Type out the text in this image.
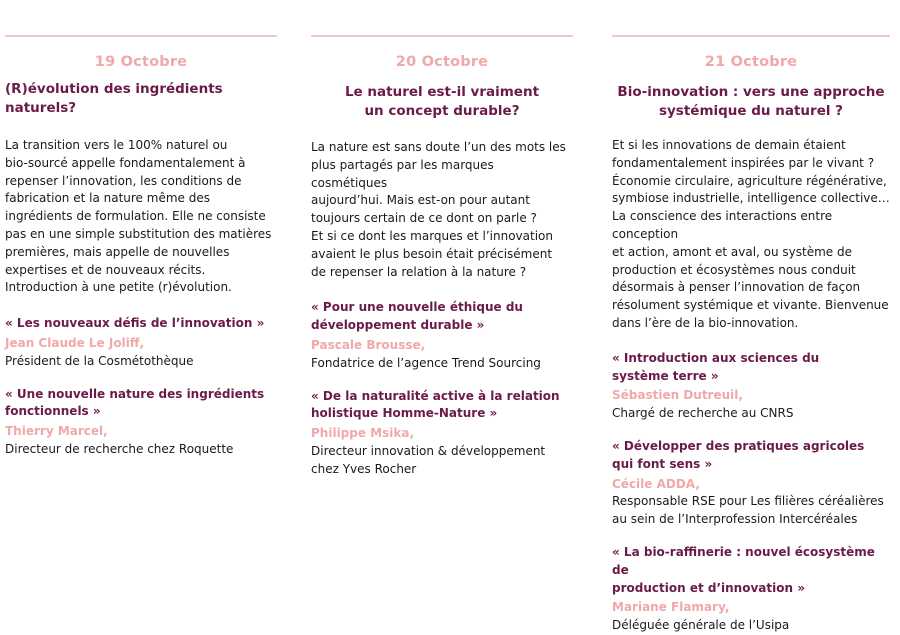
19 Octobre
(R)évolution des ingrédients naturels?
La transition vers le 100% naturel ou
bio-sourcé appelle fondamentalement à
repenser l’innovation, les conditions de
fabrication et la nature même des
ingrédients de formulation. Elle ne consiste
pas en une simple substitution des matières
premières, mais appelle de nouvelles
expertises et de nouveaux récits.
Introduction à une petite (r)évolution.
« Les nouveaux défis de l’innovation »
Jean Claude Le Joliff,
Président de la Cosmétothèque
« Une nouvelle nature des ingrédients
fonctionnels »
Thierry Marcel,
Directeur de recherche chez Roquette
20 Octobre
Le naturel est-il vraiment
un concept durable?
La nature est sans doute l’un des mots les
plus partagés par les marques cosmétiques
aujourd’hui. Mais est-on pour autant
toujours certain de ce dont on parle ?
Et si ce dont les marques et l’innovation
avaient le plus besoin était précisément
de repenser la relation à la nature ?
« Pour une nouvelle éthique du
développement durable »
Pascale Brousse,
Fondatrice de l’agence Trend Sourcing
« De la naturalité active à la relation
holistique Homme-Nature »
Philippe Msika,
Directeur innovation & développement
chez Yves Rocher
21 Octobre
Bio-innovation : vers une approche
systémique du naturel ?
Et si les innovations de demain étaient
fondamentalement inspirées par le vivant ?
Économie circulaire, agriculture régénérative,
symbiose industrielle, intelligence collective…
La conscience des interactions entre conception
et action, amont et aval, ou système de
production et écosystèmes nous conduit
désormais à penser l’innovation de façon
résolument systémique et vivante. Bienvenue
dans l’ère de la bio-innovation.
« Introduction aux sciences du
système terre »
Sébastien Dutreuil,
Chargé de recherche au CNRS
« Développer des pratiques agricoles
qui font sens »
Cécile ADDA,
Responsable RSE pour Les filières céréalières
au sein de l’Interprofession Intercéréales
« La bio-raffinerie : nouvel écosystème de
production et d’innovation »
Mariane Flamary,
Déléguée générale de l’Usipa
